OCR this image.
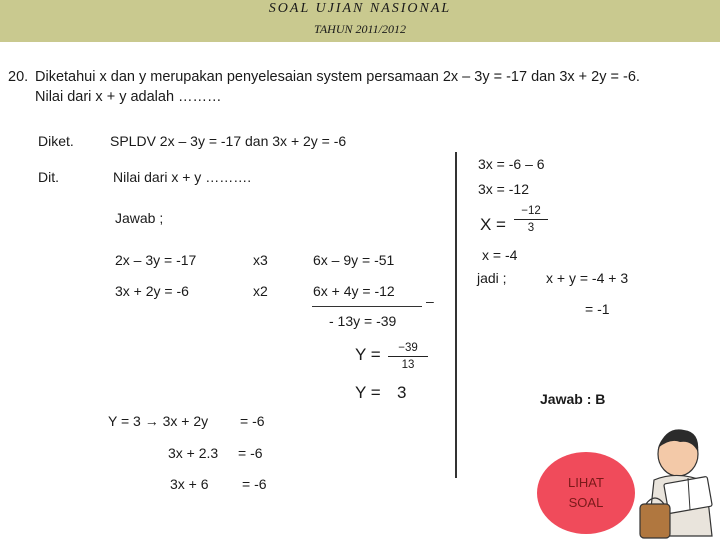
SOAL UJIAN NASIONAL
TAHUN 2011/2012
20. Diketahui x dan y merupakan penyelesaian system persamaan 2x – 3y = -17 dan 3x + 2y = -6.
Nilai dari x + y adalah ………
Diket.	SPLDV 2x – 3y = -17 dan 3x + 2y = -6
Dit.	Nilai dari x + y ……….
Jawab ;
2x – 3y = -17	x3	6x – 9y = -51
3x + 2y = -6	x2	6x + 4y = -12
–
- 13y = -39
Y =	−39
13
Y = 3
Y = 3 → 3x + 2y = -6
3x + 2.3 = -6
3x + 6 = -6
3x = -6 – 6
3x = -12
X =
−12
3
x = -4
jadi ;	x + y = -4 + 3
= -1
Jawab : B
LIHAT
SOAL
